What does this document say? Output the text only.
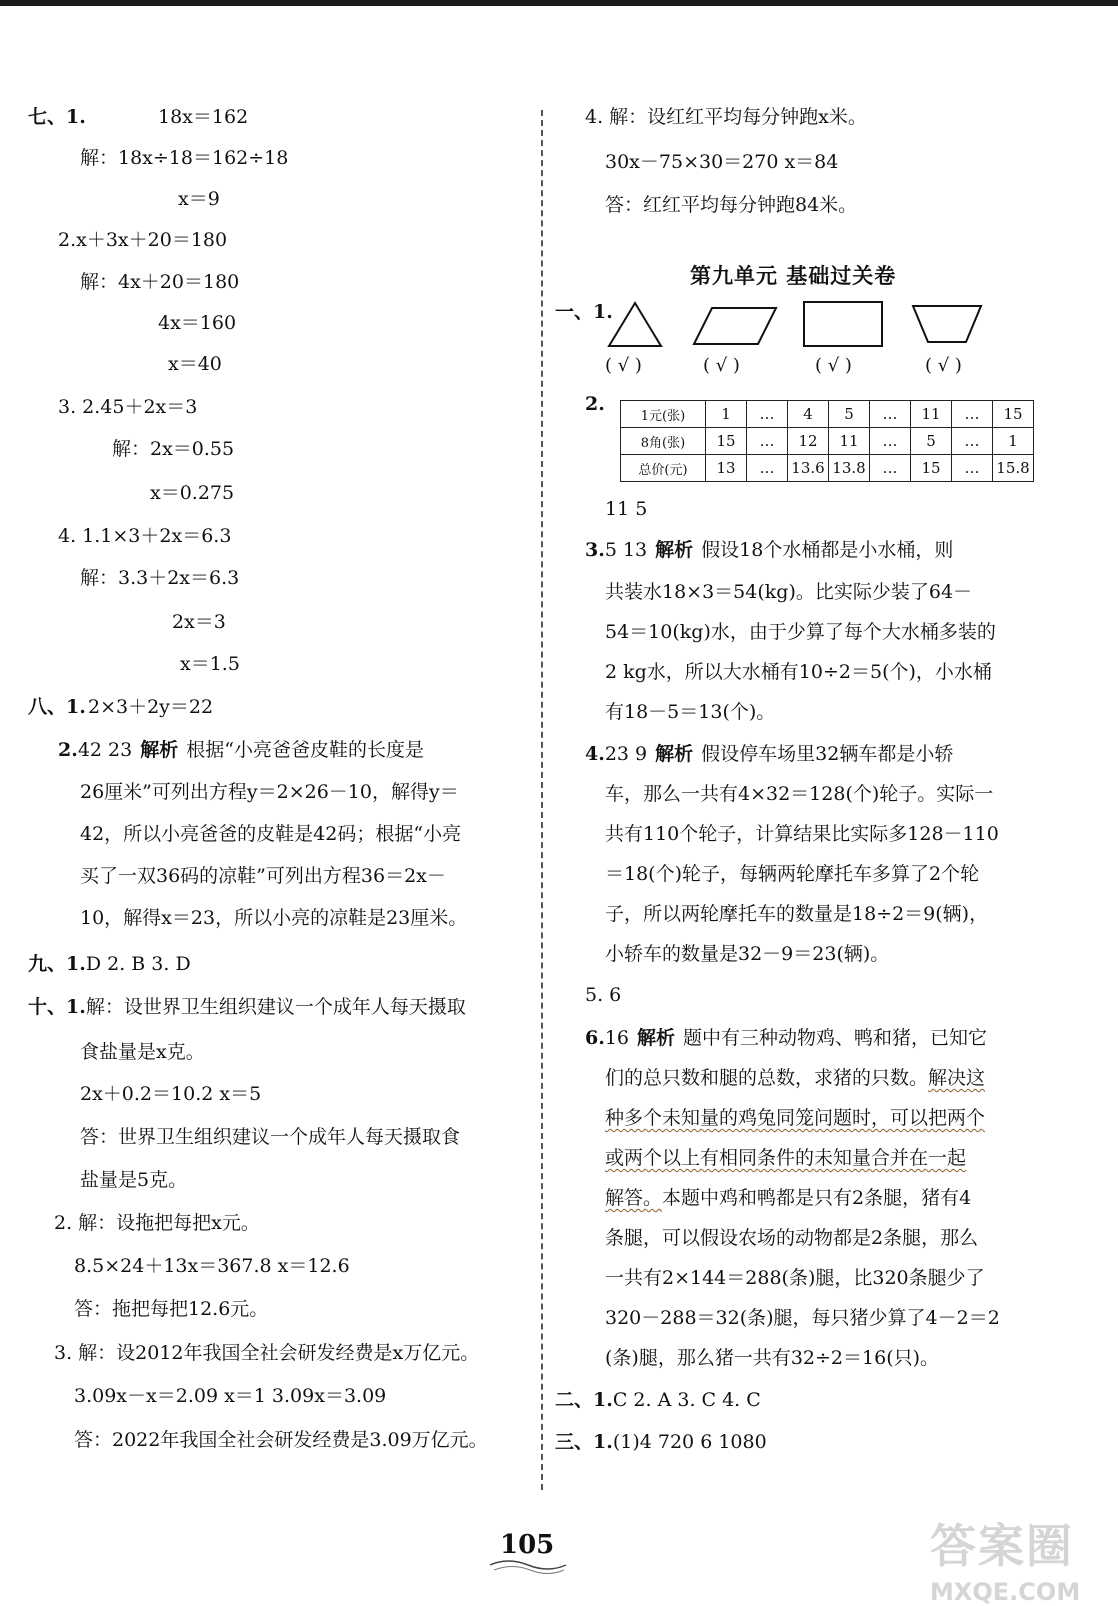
七、1.	18x＝162
解：18x÷18＝162÷18
x＝9
2.x＋3x＋20＝180
解：4x＋20＝180
4x＝160
x＝40
3. 2.45＋2x＝3
解：2x＝0.55
x＝0.275
4. 1.1×3＋2x＝6.3
解：3.3＋2x＝6.3
2x＝3
x＝1.5
八、1. 2×3＋2y＝22
2.42 23 解析 根据“小亮爸爸皮鞋的长度是
26厘米”可列出方程y＝2×26－10，解得y＝
42，所以小亮爸爸的皮鞋是42码；根据“小亮
买了一双36码的凉鞋”可列出方程36＝2x－
10，解得x＝23，所以小亮的凉鞋是23厘米。
九、1.D 2. B 3. D
十、1.解：设世界卫生组织建议一个成年人每天摄取
食盐量是x克。
2x＋0.2＝10.2 x＝5
答：世界卫生组织建议一个成年人每天摄取食
盐量是5克。
2. 解：设拖把每把x元。
8.5×24＋13x＝367.8 x＝12.6
答：拖把每把12.6元。
3. 解：设2012年我国全社会研发经费是x万亿元。
3.09x－x＝2.09 x＝1 3.09x＝3.09
答：2022年我国全社会研发经费是3.09万亿元。
4. 解：设红红平均每分钟跑x米。
30x－75×30＝270 x＝84
答：红红平均每分钟跑84米。
第九单元 基础过关卷
一、1.
( √ )	( √ )	( √ )	( √ )
2.
1元(张)	1	…	4	5	…	11	…	15
8角(张)	15	…	12	11	…	5	…	1
总价(元)	13	…	13.6	13.8	…	15	…	15.8
11 5
3.5 13 解析 假设18个水桶都是小水桶，则
共装水18×3＝54(kg)。比实际少装了64－
54＝10(kg)水，由于少算了每个大水桶多装的
2 kg水，所以大水桶有10÷2＝5(个)，小水桶
有18－5＝13(个)。
4.23 9 解析 假设停车场里32辆车都是小轿
车，那么一共有4×32＝128(个)轮子。实际一
共有110个轮子，计算结果比实际多128－110
＝18(个)轮子，每辆两轮摩托车多算了2个轮
子，所以两轮摩托车的数量是18÷2＝9(辆)，
小轿车的数量是32－9＝23(辆)。
5. 6
6.16 解析 题中有三种动物鸡、鸭和猪，已知它
们的总只数和腿的总数，求猪的只数。解决这
种多个未知量的鸡兔同笼问题时，可以把两个
或两个以上有相同条件的未知量合并在一起
解答。本题中鸡和鸭都是只有2条腿，猪有4
条腿，可以假设农场的动物都是2条腿，那么
一共有2×144＝288(条)腿，比320条腿少了
320－288＝32(条)腿，每只猪少算了4－2＝2
(条)腿，那么猪一共有32÷2＝16(只)。
二、1.C 2. A 3. C 4. C
三、1.(1)4 720 6 1080
105	答案圈
MXQE.COM
